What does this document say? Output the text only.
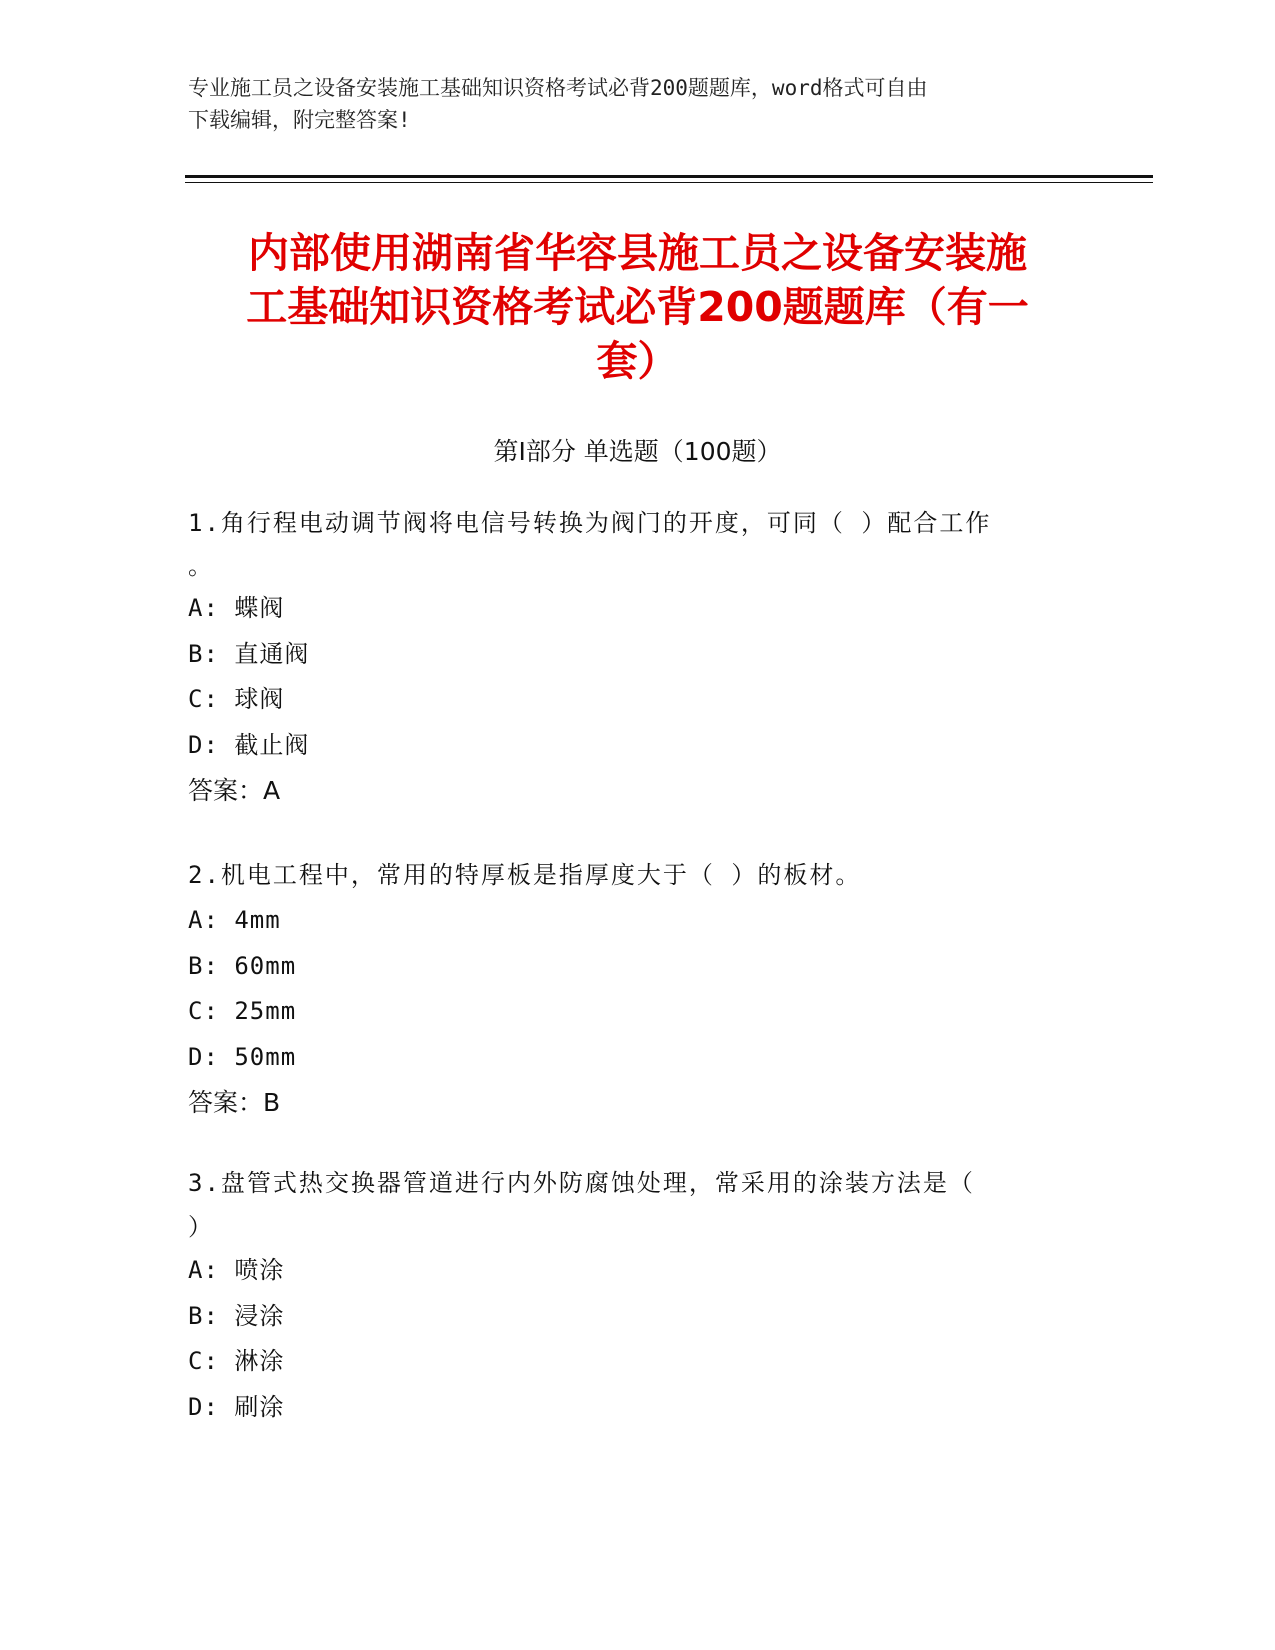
专业施工员之设备安装施工基础知识资格考试必背200题题库，word格式可自由
下载编辑，附完整答案!
内部使用湖南省华容县施工员之设备安装施
工基础知识资格考试必背200题题库（有一
套）
第Ⅰ部分 单选题（100题）

1.角行程电动调节阀将电信号转换为阀门的开度，可同（ ）配合工作

。

A: 蝶阀

B: 直通阀

C: 球阀

D: 截止阀

答案：A

2.机电工程中，常用的特厚板是指厚度大于（ ）的板材。

A: 4mm

B: 60mm

C: 25mm

D: 50mm

答案：B

3.盘管式热交换器管道进行内外防腐蚀处理，常采用的涂装方法是（

）

A: 喷涂

B: 浸涂

C: 淋涂

D: 刷涂
